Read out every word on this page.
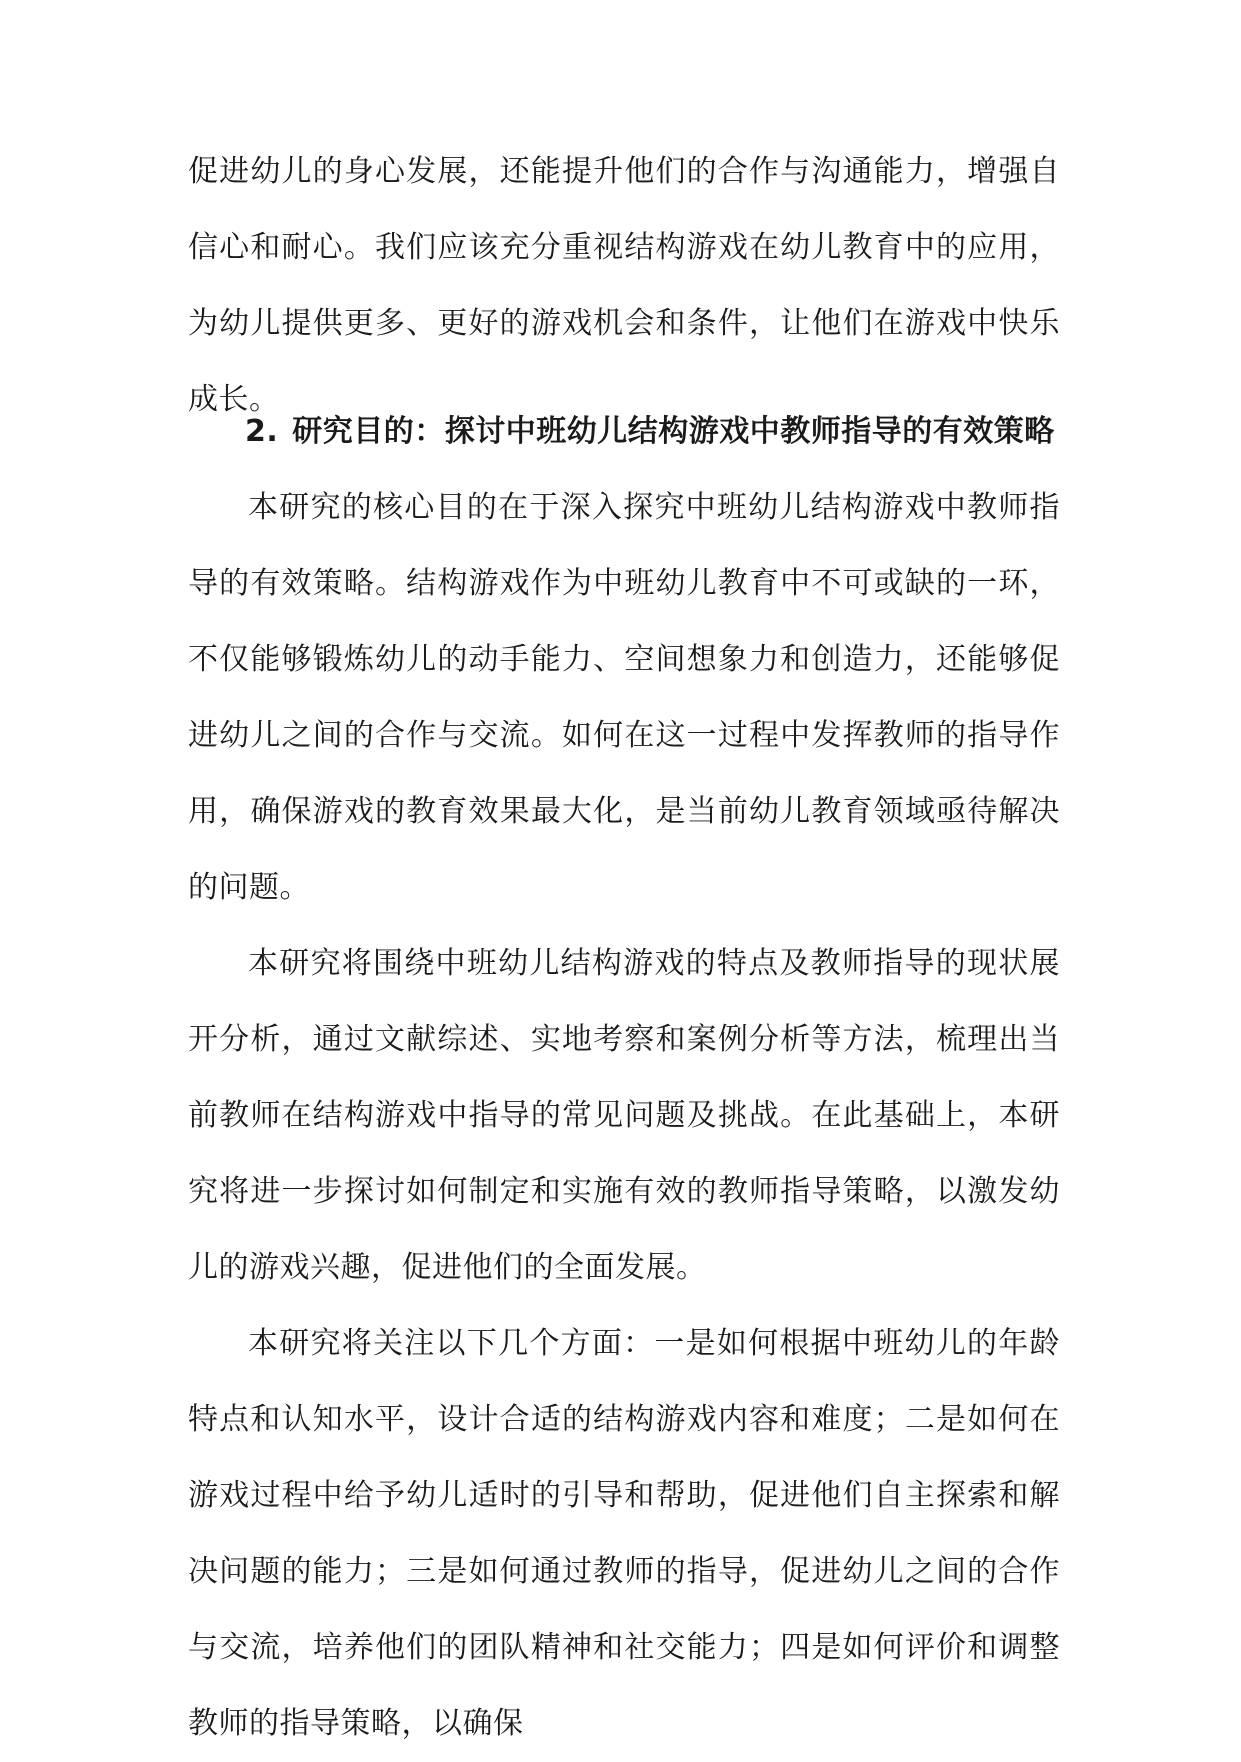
促进幼儿的身心发展，还能提升他们的合作与沟通能力，增强自信心和耐心。我们应该充分重视结构游戏在幼儿教育中的应用，为幼儿提供更多、更好的游戏机会和条件，让他们在游戏中快乐成长。

2. 研究目的：探讨中班幼儿结构游戏中教师指导的有效策略

本研究的核心目的在于深入探究中班幼儿结构游戏中教师指导的有效策略。结构游戏作为中班幼儿教育中不可或缺的一环，不仅能够锻炼幼儿的动手能力、空间想象力和创造力，还能够促进幼儿之间的合作与交流。如何在这一过程中发挥教师的指导作用，确保游戏的教育效果最大化，是当前幼儿教育领域亟待解决的问题。

本研究将围绕中班幼儿结构游戏的特点及教师指导的现状展开分析，通过文献综述、实地考察和案例分析等方法，梳理出当前教师在结构游戏中指导的常见问题及挑战。在此基础上，本研究将进一步探讨如何制定和实施有效的教师指导策略，以激发幼儿的游戏兴趣，促进他们的全面发展。

本研究将关注以下几个方面：一是如何根据中班幼儿的年龄特点和认知水平，设计合适的结构游戏内容和难度；二是如何在游戏过程中给予幼儿适时的引导和帮助，促进他们自主探索和解决问题的能力；三是如何通过教师的指导，促进幼儿之间的合作与交流，培养他们的团队精神和社交能力；四是如何评价和调整教师的指导策略，以确保
